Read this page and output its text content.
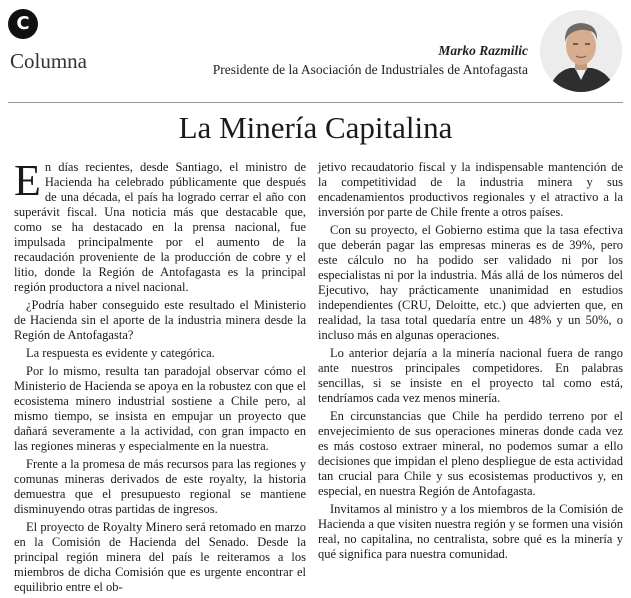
C
Columna	Marko Razmilic
Presidente de la Asociación de Industriales de Antofagasta
La Minería Capitalina

En días recientes, desde Santiago, el ministro de Hacienda ha celebrado públicamente que después de una década, el país ha logrado cerrar el año con superávit fiscal. Una noticia más que destacable que, como se ha destacado en la prensa nacional, fue impulsada principalmente por el aumento de la recaudación proveniente de la producción de cobre y el litio, donde la Región de Antofagasta es la principal región productora a nivel nacional.

¿Podría haber conseguido este resultado el Ministerio de Hacienda sin el aporte de la industria minera desde la Región de Antofagasta?

La respuesta es evidente y categórica.

Por lo mismo, resulta tan paradojal observar cómo el Ministerio de Hacienda se apoya en la robustez con que el ecosistema minero industrial sostiene a Chile pero, al mismo tiempo, se insista en empujar un proyecto que dañará severamente a la actividad, con gran impacto en las regiones mineras y especialmente en la nuestra.

Frente a la promesa de más recursos para las regiones y comunas mineras derivados de este royalty, la historia demuestra que el presupuesto regional se mantiene disminuyendo otras partidas de ingresos.

El proyecto de Royalty Minero será retomado en marzo en la Comisión de Hacienda del Senado. Desde la principal región minera del país le reiteramos a los miembros de dicha Comisión que es urgente encontrar el equilibrio entre el ob-

jetivo recaudatorio fiscal y la indispensable mantención de la competitividad de la industria minera y sus encadenamientos productivos regionales y el atractivo a la inversión por parte de Chile frente a otros países.

Con su proyecto, el Gobierno estima que la tasa efectiva que deberán pagar las empresas mineras es de 39%, pero este cálculo no ha podido ser validado ni por los especialistas ni por la industria. Más allá de los números del Ejecutivo, hay prácticamente unanimidad en estudios independientes (CRU, Deloitte, etc.) que advierten que, en realidad, la tasa total quedaría entre un 48% y un 50%, o incluso más en algunas operaciones.

Lo anterior dejaría a la minería nacional fuera de rango ante nuestros principales competidores. En palabras sencillas, si se insiste en el proyecto tal como está, tendríamos cada vez menos minería.

En circunstancias que Chile ha perdido terreno por el envejecimiento de sus operaciones mineras donde cada vez es más costoso extraer mineral, no podemos sumar a ello decisiones que impidan el pleno despliegue de esta actividad tan crucial para Chile y sus ecosistemas productivos y, en especial, en nuestra Región de Antofagasta.

Invitamos al ministro y a los miembros de la Comisión de Hacienda a que visiten nuestra región y se formen una visión real, no capitalina, no centralista, sobre qué es la minería y qué significa para nuestra comunidad.
